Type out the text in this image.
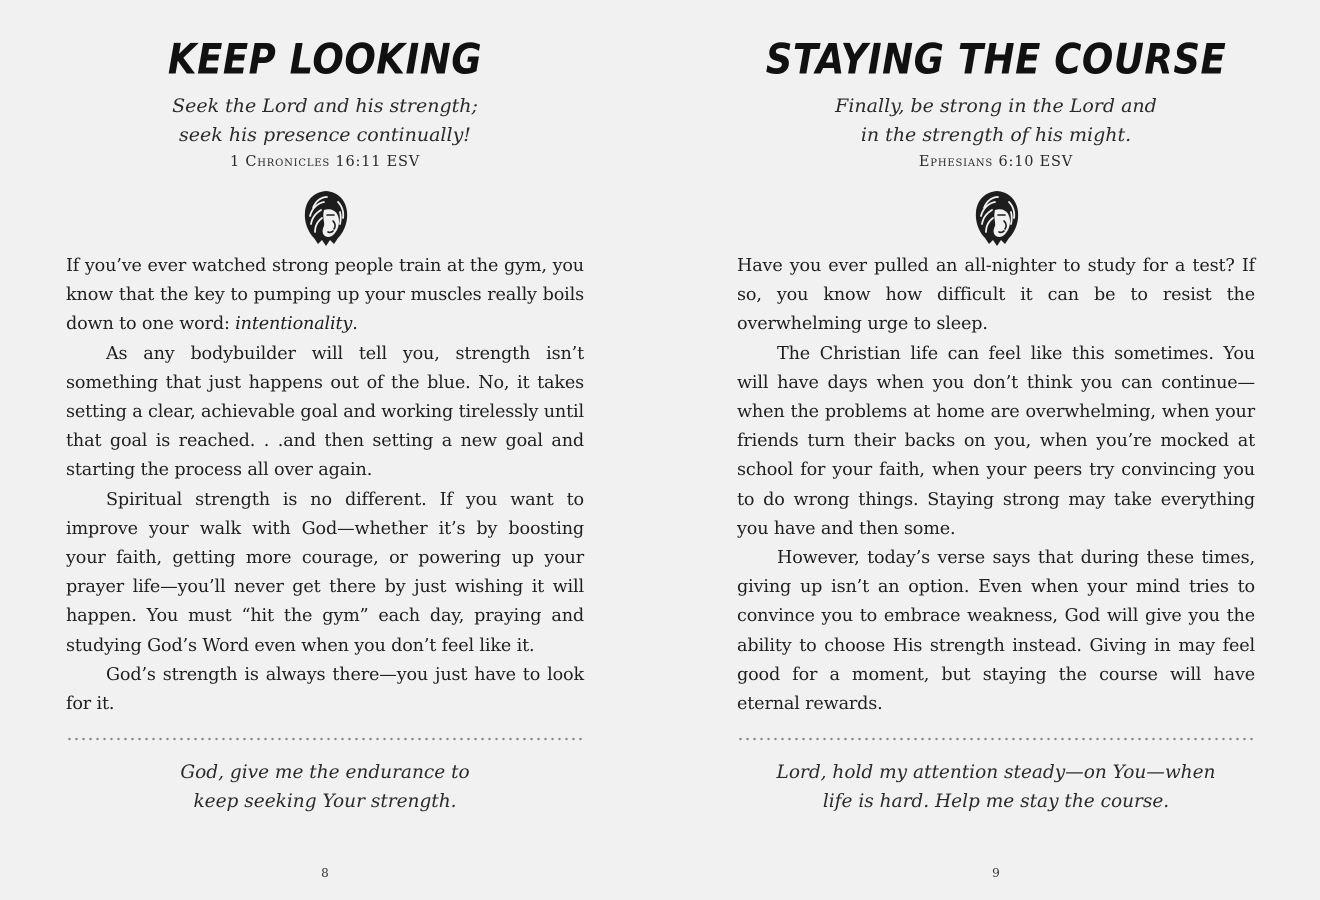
KEEP LOOKING
Seek the Lord and his strength;
seek his presence continually!
1 Chronicles 16:11 ESV

If you’ve ever watched strong people train at the gym, you know that the key to pumping up your muscles really boils down to one word: intentionality.

As any bodybuilder will tell you, strength isn’t something that just happens out of the blue. No, it takes setting a clear, achievable goal and working tirelessly until that goal is reached. . .and then setting a new goal and starting the process all over again.

Spiritual strength is no different. If you want to improve your walk with God—whether it’s by boosting your faith, getting more courage, or powering up your prayer life—you’ll never get there by just wishing it will happen. You must “hit the gym” each day, praying and studying God’s Word even when you don’t feel like it.

God’s strength is always there—you just have to look for it.

God, give me the endurance to
keep seeking Your strength.
8
STAYING THE COURSE
Finally, be strong in the Lord and
in the strength of his might.
Ephesians 6:10 ESV

Have you ever pulled an all-nighter to study for a test? If so, you know how difficult it can be to resist the overwhelming urge to sleep.

The Christian life can feel like this sometimes. You will have days when you don’t think you can continue—when the problems at home are overwhelming, when your friends turn their backs on you, when you’re mocked at school for your faith, when your peers try convincing you to do wrong things. Staying strong may take everything you have and then some.

However, today’s verse says that during these times, giving up isn’t an option. Even when your mind tries to convince you to embrace weakness, God will give you the ability to choose His strength instead. Giving in may feel good for a moment, but staying the course will have eternal rewards.

Lord, hold my attention steady—on You—when
life is hard. Help me stay the course.
9
